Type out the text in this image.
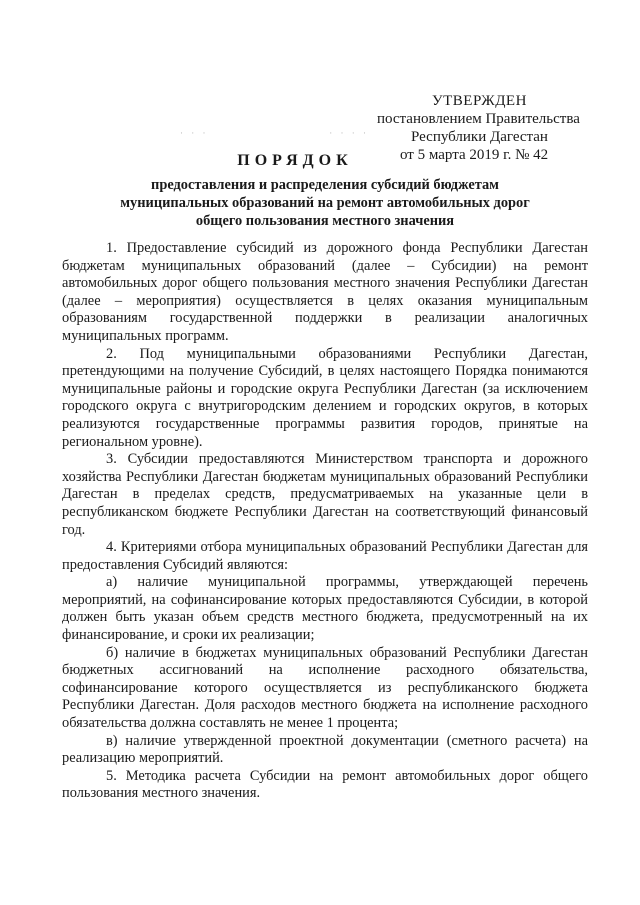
· · ·                       · · · ·
УТВЕРЖДЕН
постановлением Правительства
Республики Дагестан
от 5 марта 2019 г. № 42
ПОРЯДОК
предоставления и распределения субсидий бюджетам муниципальных образований на ремонт автомобильных дорог общего пользования местного значения

1. Предоставление субсидий из дорожного фонда Республики Дагестан бюджетам муниципальных образований (далее – Субсидии) на ремонт автомобильных дорог общего пользования местного значения Республики Дагестан (далее – мероприятия) осуществляется в целях оказания муниципальным образованиям государственной поддержки в реализации аналогичных муниципальных программ.

2. Под муниципальными образованиями Республики Дагестан, претендующими на получение Субсидий, в целях настоящего Порядка понимаются муниципальные районы и городские округа Республики Дагестан (за исключением городского округа с внутригородским делением и городских округов, в которых реализуются государственные программы развития городов, принятые на региональном уровне).

3. Субсидии предоставляются Министерством транспорта и дорожного хозяйства Республики Дагестан бюджетам муниципальных образований Республики Дагестан в пределах средств, предусматриваемых на указанные цели в республиканском бюджете Республики Дагестан на соответствующий финансовый год.

4. Критериями отбора муниципальных образований Республики Дагестан для предоставления Субсидий являются:

а) наличие муниципальной программы, утверждающей перечень мероприятий, на софинансирование которых предоставляются Субсидии, в которой должен быть указан объем средств местного бюджета, предусмотренный на их финансирование, и сроки их реализации;

б) наличие в бюджетах муниципальных образований Республики Дагестан бюджетных ассигнований на исполнение расходного обязательства, софинансирование которого осуществляется из республиканского бюджета Республики Дагестан. Доля расходов местного бюджета на исполнение расходного обязательства должна составлять не менее 1 процента;

в) наличие утвержденной проектной документации (сметного расчета) на реализацию мероприятий.

5. Методика расчета Субсидии на ремонт автомобильных дорог общего пользования местного значения.
